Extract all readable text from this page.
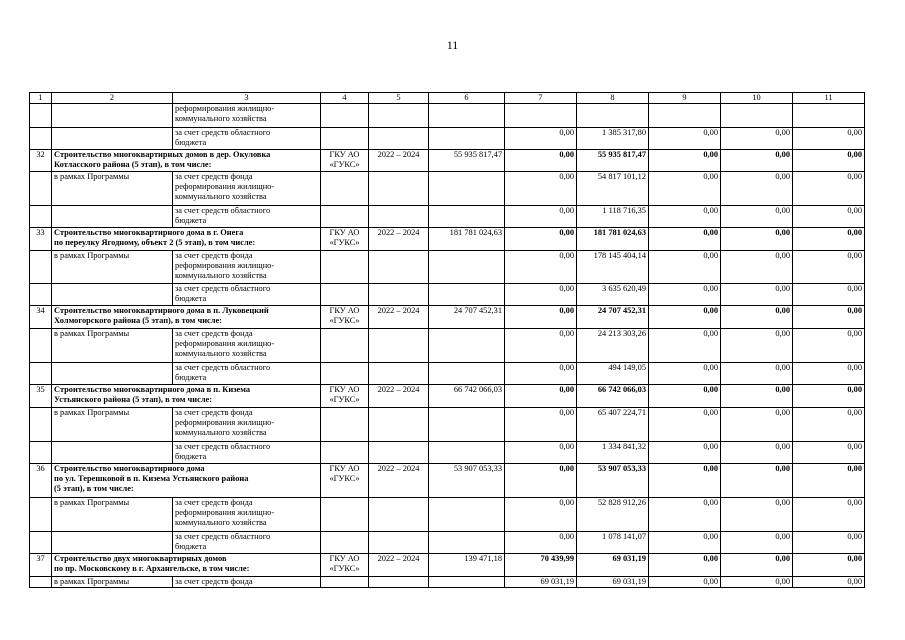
11
1	2	3	4	5	6	7	8	9	10	11
		реформирования жилищно-
коммунального хозяйства								
		за счет средств областного
бюджета				0,00	1 385 317,80	0,00	0,00	0,00
32	Строительство многоквартирных домов в дер. Окуловка
Котласского района (5 этап), в том числе:		ГКУ АО
«ГУКС»	2022 – 2024	55 935 817,47	0,00	55 935 817,47	0,00	0,00	0,00
	в рамках Программы	за счет средств фонда
реформирования жилищно-
коммунального хозяйства				0,00	54 817 101,12	0,00	0,00	0,00
		за счет средств областного
бюджета				0,00	1 118 716,35	0,00	0,00	0,00
33	Строительство многоквартирного дома в г. Онега
по переулку Ягодному, объект 2 (5 этап), в том числе:		ГКУ АО
«ГУКС»	2022 – 2024	181 781 024,63	0,00	181 781 024,63	0,00	0,00	0,00
	в рамках Программы	за счет средств фонда
реформирования жилищно-
коммунального хозяйства				0,00	178 145 404,14	0,00	0,00	0,00
		за счет средств областного
бюджета				0,00	3 635 620,49	0,00	0,00	0,00
34	Строительство многоквартирного дома в п. Луковецкий
Холмогорского района (5 этап), в том числе:		ГКУ АО
«ГУКС»	2022 – 2024	24 707 452,31	0,00	24 707 452,31	0,00	0,00	0,00
	в рамках Программы	за счет средств фонда
реформирования жилищно-
коммунального хозяйства				0,00	24 213 303,26	0,00	0,00	0,00
		за счет средств областного
бюджета				0,00	494 149,05	0,00	0,00	0,00
35	Строительство многоквартирного дома в п. Кизема
Устьянского района (5 этап), в том числе:		ГКУ АО
«ГУКС»	2022 – 2024	66 742 066,03	0,00	66 742 066,03	0,00	0,00	0,00
	в рамках Программы	за счет средств фонда
реформирования жилищно-
коммунального хозяйства				0,00	65 407 224,71	0,00	0,00	0,00
		за счет средств областного
бюджета				0,00	1 334 841,32	0,00	0,00	0,00
36	Строительство многоквартирного дома
по ул. Терешковой в п. Кизема Устьянского района
(5 этап), в том числе:		ГКУ АО
«ГУКС»	2022 – 2024	53 907 053,33	0,00	53 907 053,33	0,00	0,00	0,00
	в рамках Программы	за счет средств фонда
реформирования жилищно-
коммунального хозяйства				0,00	52 828 912,26	0,00	0,00	0,00
		за счет средств областного
бюджета				0,00	1 078 141,07	0,00	0,00	0,00
37	Строительство двух многоквартирных домов
по пр. Московскому в г. Архангельске, в том числе:		ГКУ АО
«ГУКС»	2022 – 2024	139 471,18	70 439,99	69 031,19	0,00	0,00	0,00
	в рамках Программы	за счет средств фонда				69 031,19	69 031,19	0,00	0,00	0,00
